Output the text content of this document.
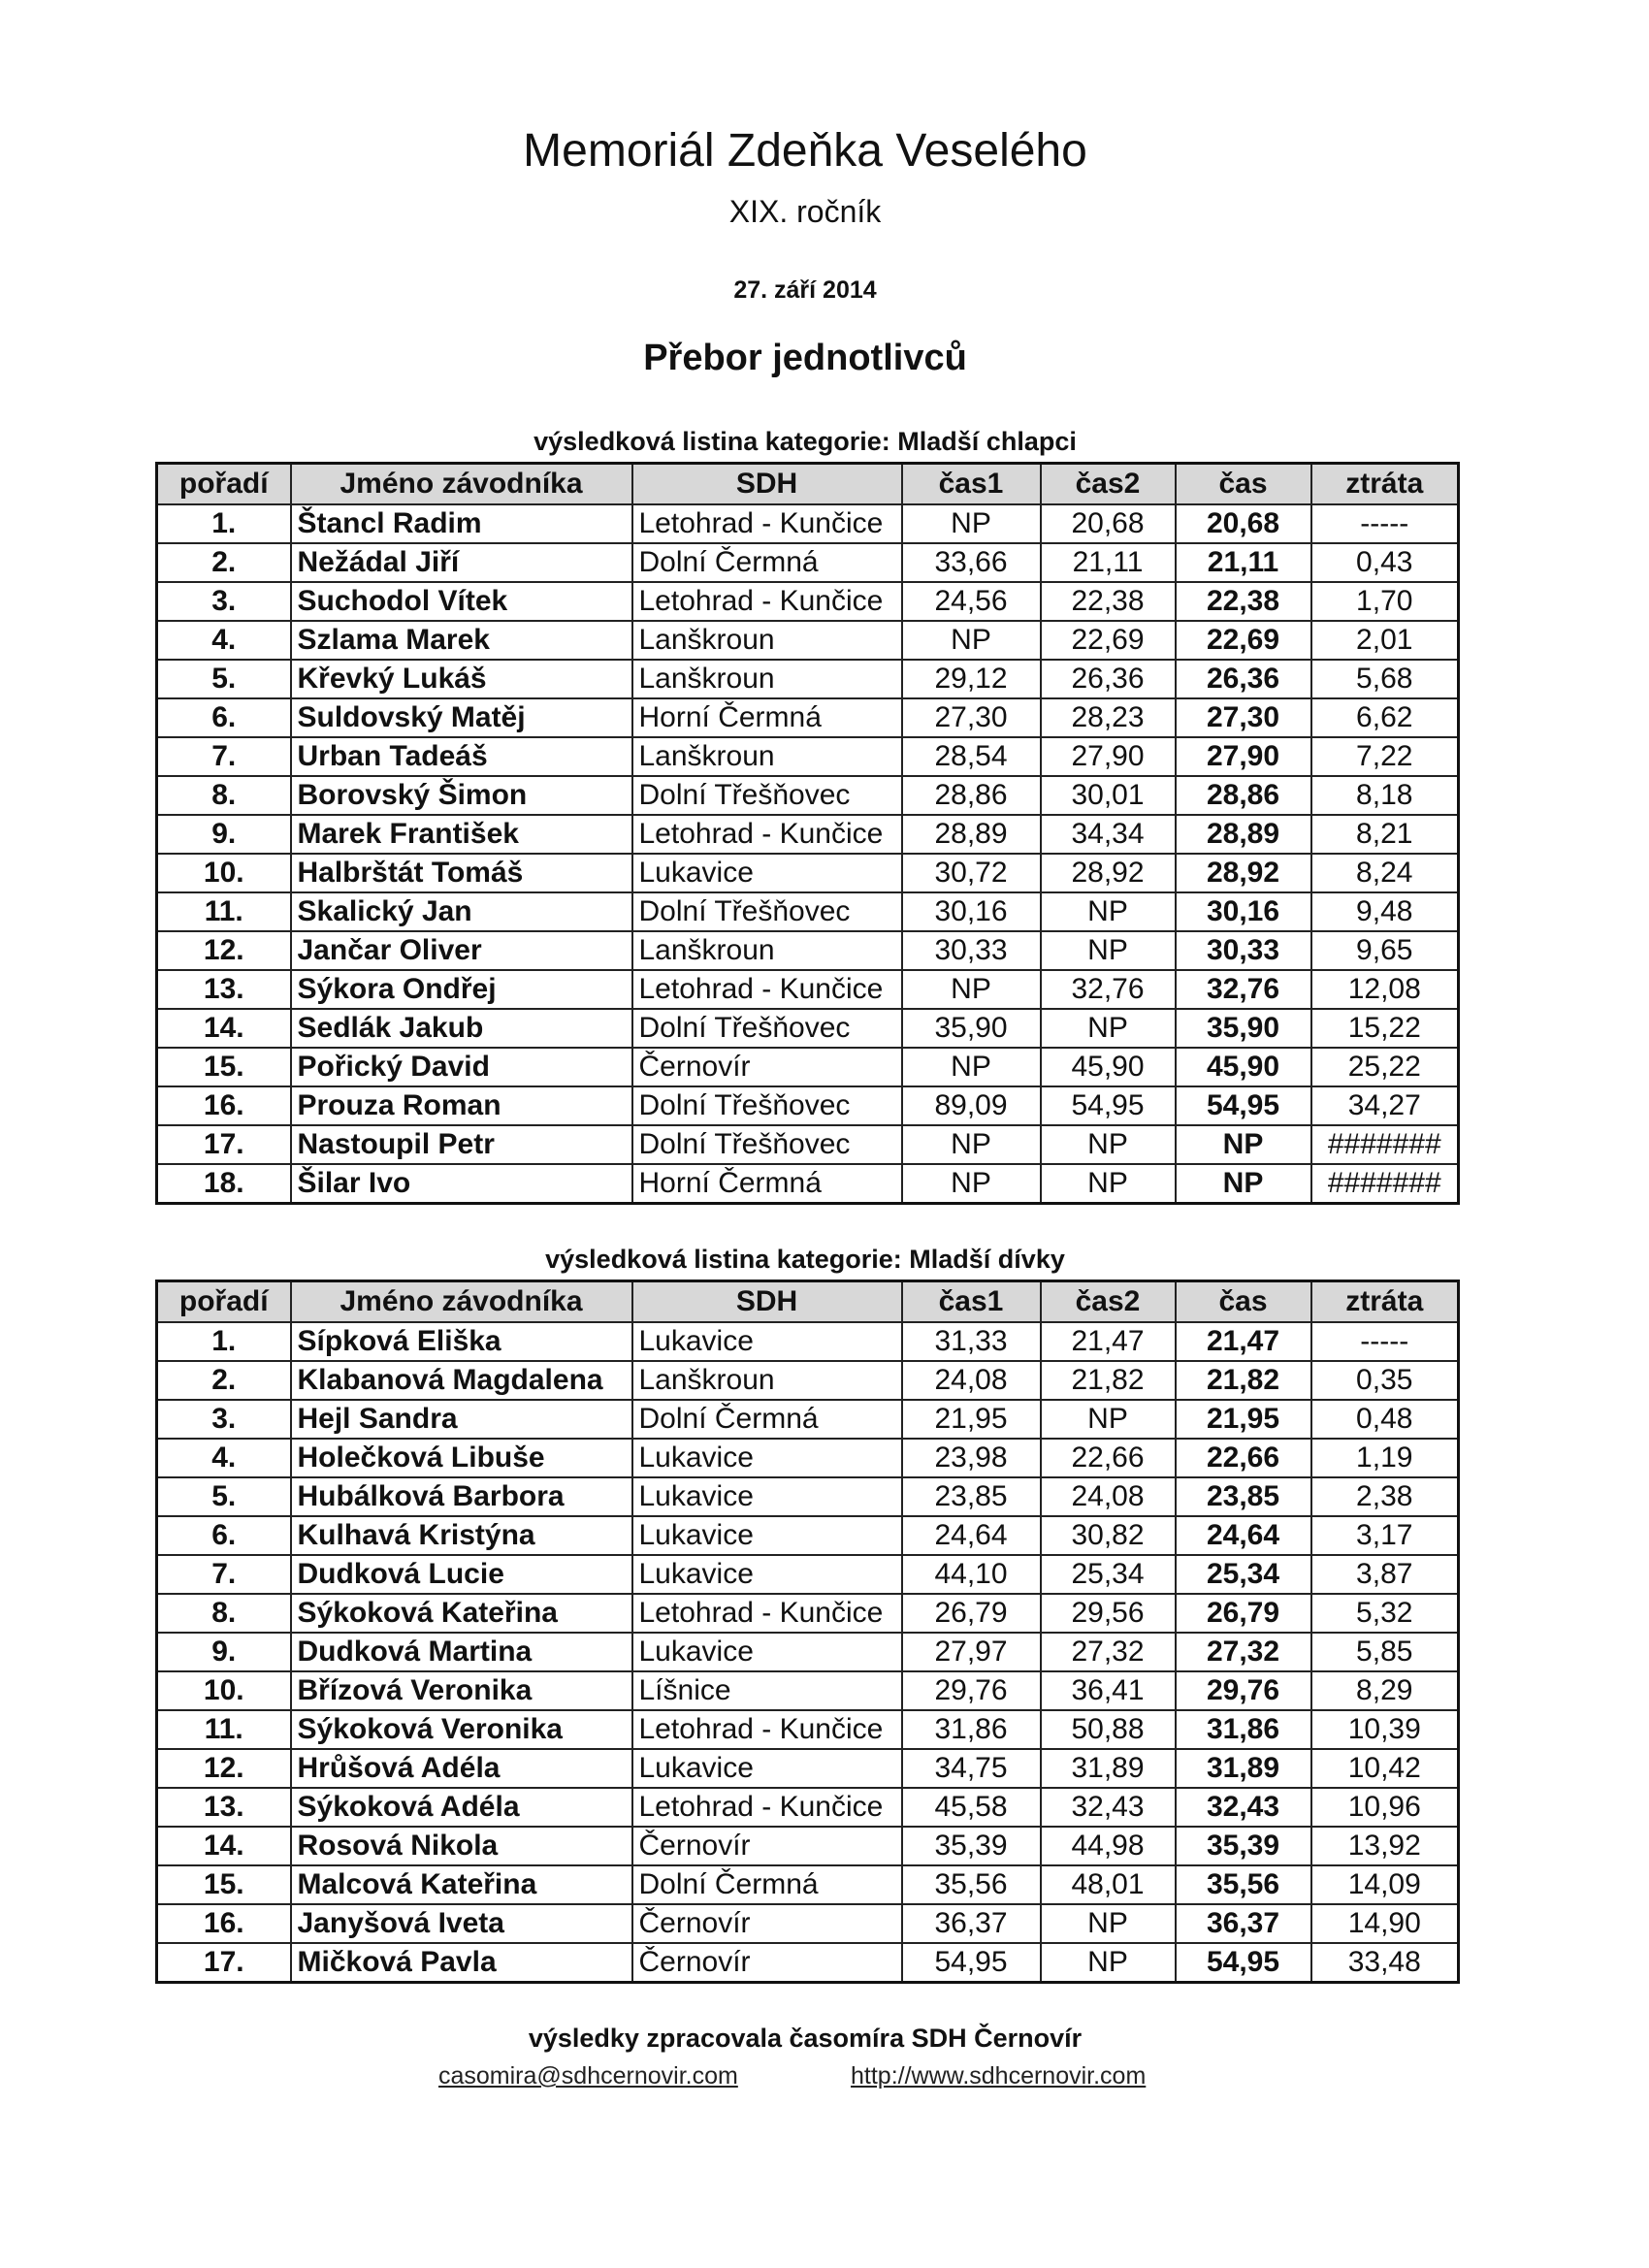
Memoriál Zdeňka Veselého
XIX. ročník
27. září 2014
Přebor jednotlivců
výsledková listina kategorie: Mladší chlapci
pořadí	Jméno závodníka	SDH	čas1	čas2	čas	ztráta
1.	Štancl Radim	Letohrad - Kunčice	NP	20,68	20,68	-----
2.	Nežádal Jiří	Dolní Čermná	33,66	21,11	21,11	0,43
3.	Suchodol Vítek	Letohrad - Kunčice	24,56	22,38	22,38	1,70
4.	Szlama Marek	Lanškroun	NP	22,69	22,69	2,01
5.	Křevký Lukáš	Lanškroun	29,12	26,36	26,36	5,68
6.	Suldovský Matěj	Horní Čermná	27,30	28,23	27,30	6,62
7.	Urban Tadeáš	Lanškroun	28,54	27,90	27,90	7,22
8.	Borovský Šimon	Dolní Třešňovec	28,86	30,01	28,86	8,18
9.	Marek František	Letohrad - Kunčice	28,89	34,34	28,89	8,21
10.	Halbrštát Tomáš	Lukavice	30,72	28,92	28,92	8,24
11.	Skalický Jan	Dolní Třešňovec	30,16	NP	30,16	9,48
12.	Jančar Oliver	Lanškroun	30,33	NP	30,33	9,65
13.	Sýkora Ondřej	Letohrad - Kunčice	NP	32,76	32,76	12,08
14.	Sedlák Jakub	Dolní Třešňovec	35,90	NP	35,90	15,22
15.	Pořický David	Černovír	NP	45,90	45,90	25,22
16.	Prouza Roman	Dolní Třešňovec	89,09	54,95	54,95	34,27
17.	Nastoupil Petr	Dolní Třešňovec	NP	NP	NP	#######
18.	Šilar Ivo	Horní Čermná	NP	NP	NP	#######
výsledková listina kategorie: Mladší dívky
pořadí	Jméno závodníka	SDH	čas1	čas2	čas	ztráta
1.	Sípková Eliška	Lukavice	31,33	21,47	21,47	-----
2.	Klabanová Magdalena	Lanškroun	24,08	21,82	21,82	0,35
3.	Hejl Sandra	Dolní Čermná	21,95	NP	21,95	0,48
4.	Holečková Libuše	Lukavice	23,98	22,66	22,66	1,19
5.	Hubálková Barbora	Lukavice	23,85	24,08	23,85	2,38
6.	Kulhavá Kristýna	Lukavice	24,64	30,82	24,64	3,17
7.	Dudková Lucie	Lukavice	44,10	25,34	25,34	3,87
8.	Sýkoková Kateřina	Letohrad - Kunčice	26,79	29,56	26,79	5,32
9.	Dudková Martina	Lukavice	27,97	27,32	27,32	5,85
10.	Břízová Veronika	Líšnice	29,76	36,41	29,76	8,29
11.	Sýkoková Veronika	Letohrad - Kunčice	31,86	50,88	31,86	10,39
12.	Hrůšová Adéla	Lukavice	34,75	31,89	31,89	10,42
13.	Sýkoková Adéla	Letohrad - Kunčice	45,58	32,43	32,43	10,96
14.	Rosová Nikola	Černovír	35,39	44,98	35,39	13,92
15.	Malcová Kateřina	Dolní Čermná	35,56	48,01	35,56	14,09
16.	Janyšová Iveta	Černovír	36,37	NP	36,37	14,90
17.	Mičková Pavla	Černovír	54,95	NP	54,95	33,48
výsledky zpracovala časomíra SDH Černovír
casomira@sdhcernovir.com	http://www.sdhcernovir.com
